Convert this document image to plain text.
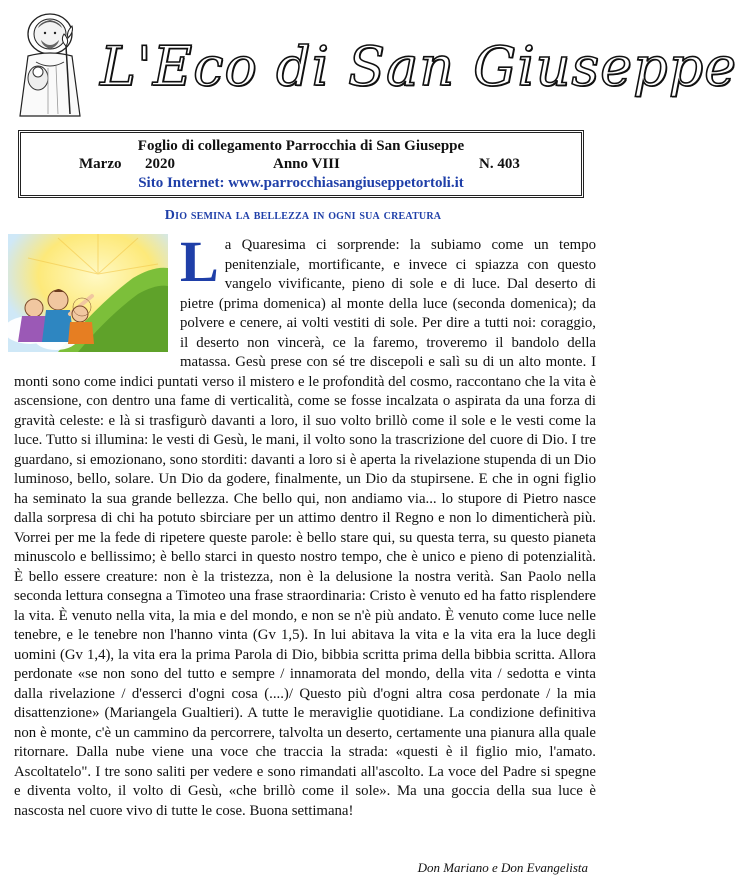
L'Eco di San Giuseppe
Foglio di collegamento Parrocchia di San Giuseppe
Marzo 2020	Anno VIII	N. 403
Sito Internet: www.parrocchiasangiuseppetortoli.it
Dio semina la bellezza in ogni sua creatura
L a Quaresima ci sorprende: la subiamo come un tempo penitenziale, mortificante, e invece ci spiazza con questo vangelo vivificante, pieno di sole e di luce. Dal deserto di pietre (prima domenica) al monte della luce (seconda domenica); da polvere e cenere, ai volti vestiti di sole. Per dire a tutti noi: coraggio, il deserto non vincerà, ce la faremo, troveremo il bandolo della matassa. Gesù prese con sé tre discepoli e salì su di un alto monte. I monti sono come indici puntati verso il mistero e le profondità del cosmo, raccontano che la vita è ascensione, con dentro una fame di verticalità, come se fosse incalzata o aspirata da una forza di gravità celeste: e là si trasfigurò davanti a loro, il suo volto brillò come il sole e le vesti come la luce. Tutto si illumina: le vesti di Gesù, le mani, il volto sono la trascrizione del cuore di Dio. I tre guardano, si emozionano, sono storditi: davanti a loro si è aperta la rivelazione stupenda di un Dio luminoso, bello, solare. Un Dio da godere, finalmente, un Dio da stupirsene. E che in ogni figlio ha seminato la sua grande bellezza. Che bello qui, non andiamo via... lo stupore di Pietro nasce dalla sorpresa di chi ha potuto sbirciare per un attimo dentro il Regno e non lo dimenticherà più. Vorrei per me la fede di ripetere queste parole: è bello stare qui, su questa terra, su questo pianeta minuscolo e bellissimo; è bello starci in questo nostro tempo, che è unico e pieno di potenzialità. È bello essere creature: non è la tristezza, non è la delusione la nostra verità. San Paolo nella seconda lettura consegna a Timoteo una frase straordinaria: Cristo è venuto ed ha fatto risplendere la vita. È venuto nella vita, la mia e del mondo, e non se n'è più andato. È venuto come luce nelle tenebre, e le tenebre non l'hanno vinta (Gv 1,5). In lui abitava la vita e la vita era la luce degli uomini (Gv 1,4), la vita era la prima Parola di Dio, bibbia scritta prima della bibbia scritta. Allora perdonate «se non sono del tutto e sempre / innamorata del mondo, della vita / sedotta e vinta dalla rivelazione / d'esserci d'ogni cosa (....)/ Questo più d'ogni altra cosa perdonate / la mia disattenzione» (Mariangela Gualtieri). A tutte le meraviglie quotidiane. La condizione definitiva non è monte, c'è un cammino da percorrere, talvolta un deserto, certamente una pianura alla quale ritornare. Dalla nube viene una voce che traccia la strada: «questi è il figlio mio, l'amato. Ascoltatelo". I tre sono saliti per vedere e sono rimandati all'ascolto. La voce del Padre si spegne e diventa volto, il volto di Gesù, «che brillò come il sole». Ma una goccia della sua luce è nascosta nel cuore vivo di tutte le cose. Buona settimana!
Don Mariano e Don Evangelista
